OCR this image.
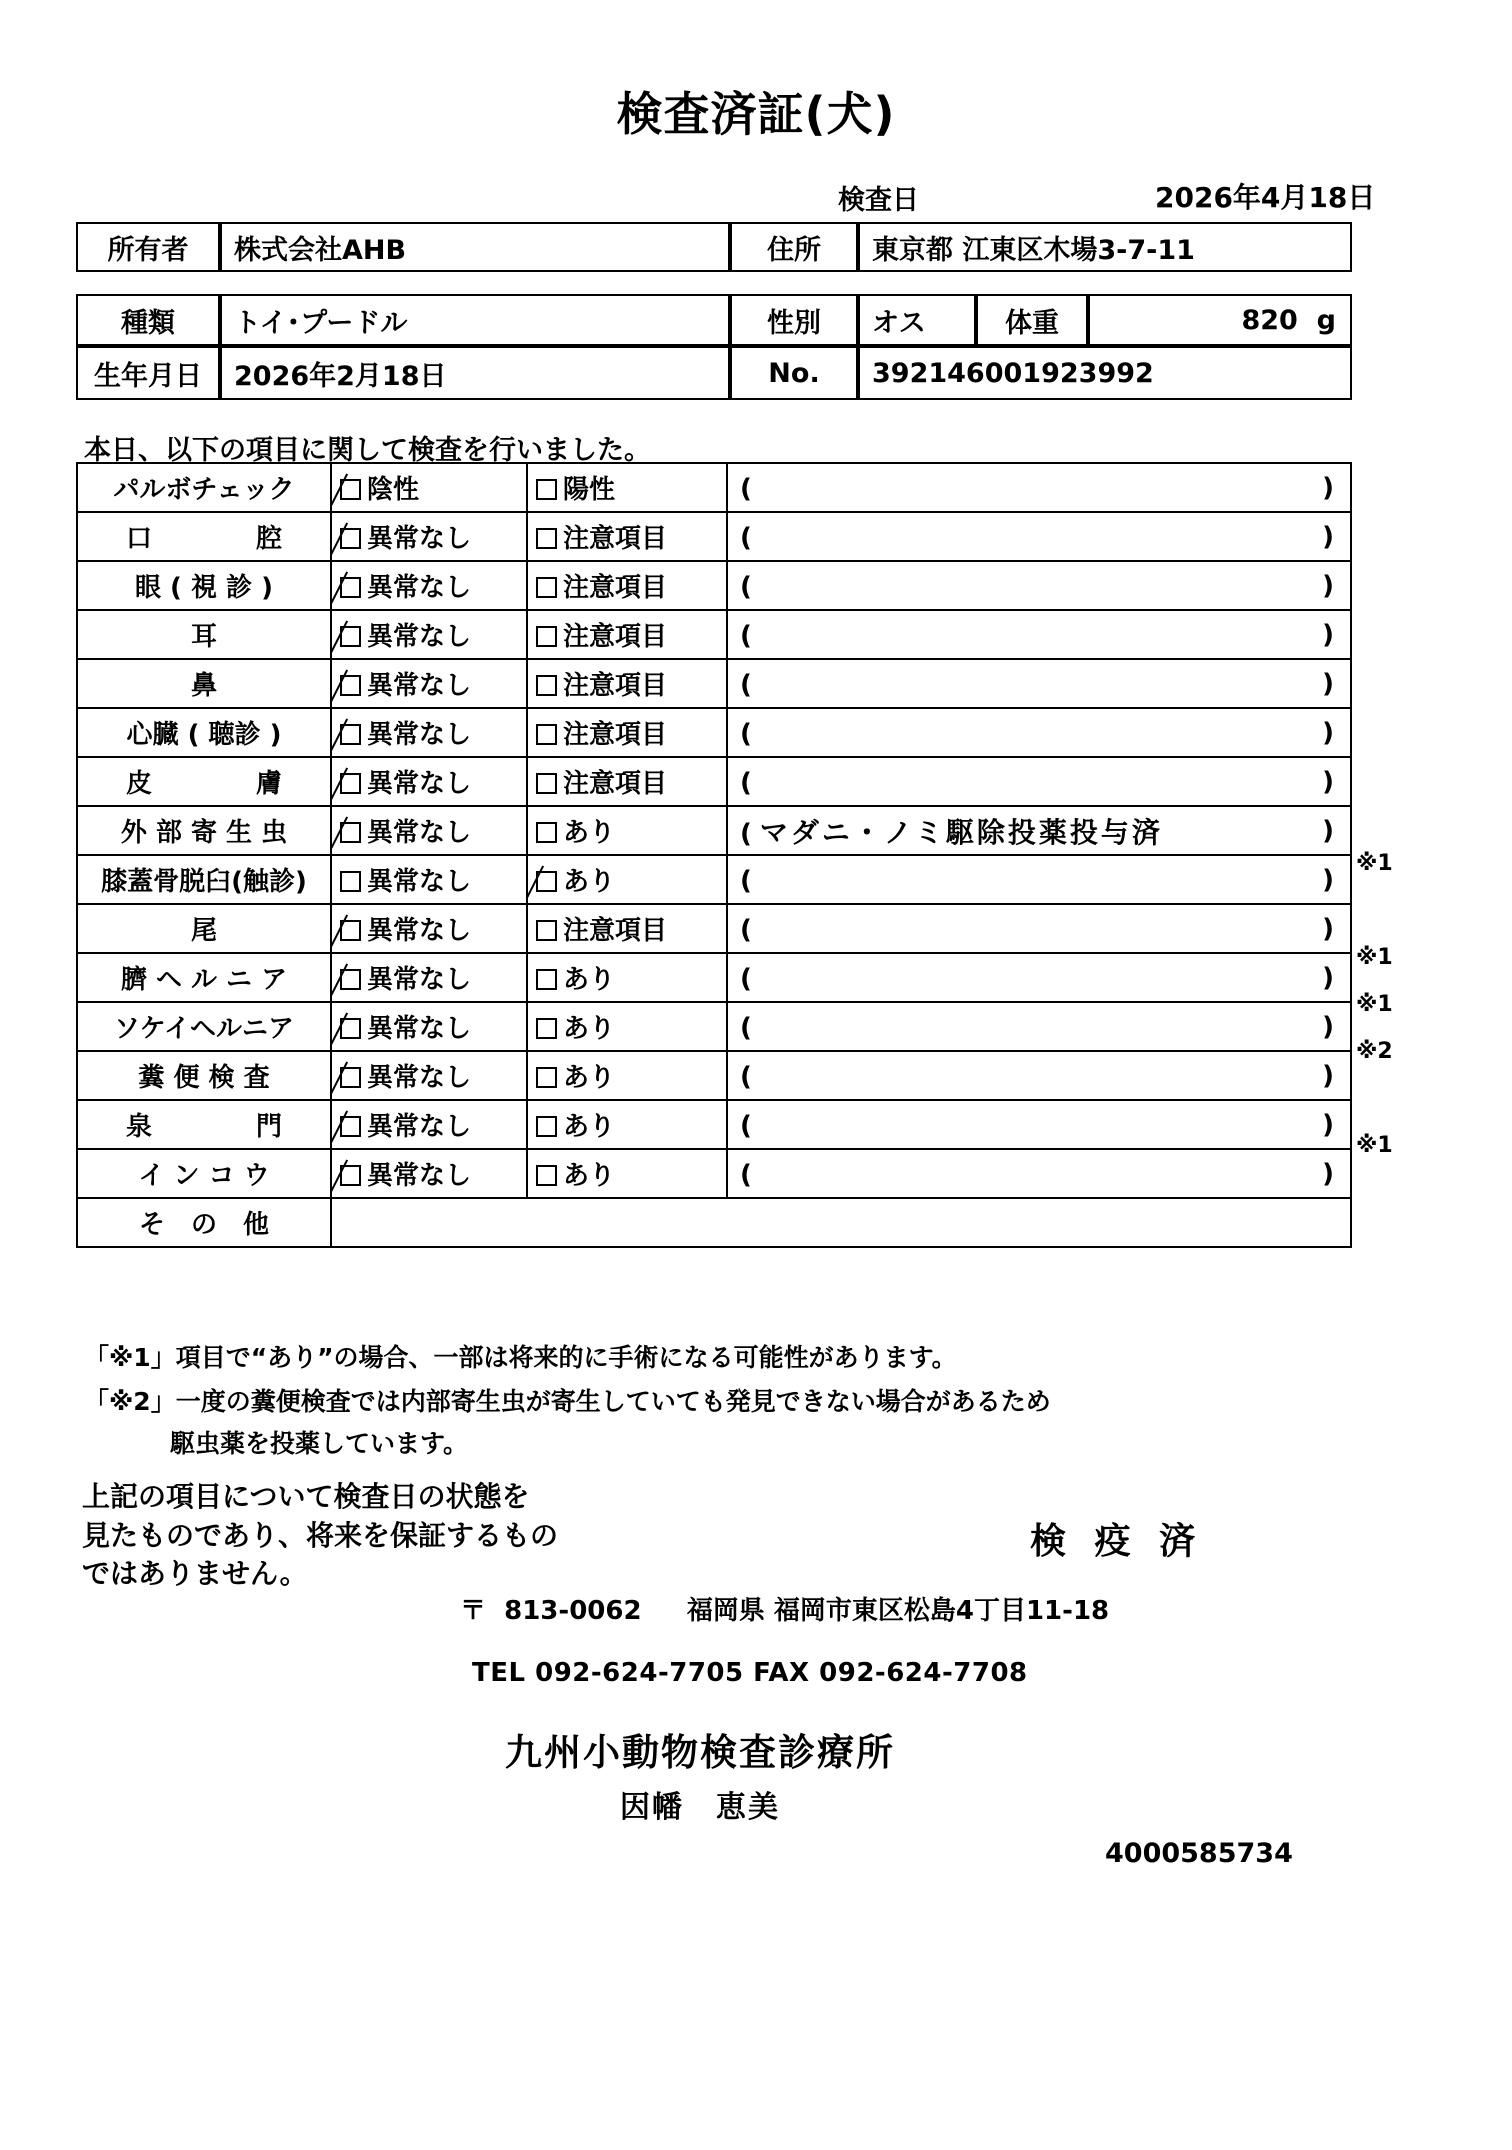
検査済証(犬)
検査日	2026年4月18日
所有者	株式会社AHB	住所	東京都 江東区木場3-7-11
種類	トイ･プードル	性別	オス	体重	820 g
生年月日	2026年2月18日	No.	392146001923992
本日、以下の項目に関して検査を行いました。
パルボチェック	陰性	陽性	( )

口　　　　腔	異常なし	注意項目	( )

眼 ( 視 診 )	異常なし	注意項目	( )

耳	異常なし	注意項目	( )

鼻	異常なし	注意項目	( )

心臓 ( 聴診 )	異常なし	注意項目	( )

皮　　　　膚	異常なし	注意項目	( )

外 部 寄 生 虫	異常なし	あり	( マダニ・ノミ駆除投薬投与済 )

膝蓋骨脱臼(触診)	異常なし	あり	( )

尾	異常なし	注意項目	( )

臍 ヘ ル ニ ア	異常なし	あり	( )

ソケイヘルニア	異常なし	あり	( )

糞 便 検 査	異常なし	あり	( )

泉　　　　門	異常なし	あり	( )

イ ン コ ウ	異常なし	あり	( )

そ　の　他			
※1
※1
※1
※2
※1
「※1」項目で“あり”の場合、一部は将来的に手術になる可能性があります。
「※2」一度の糞便検査では内部寄生虫が寄生していても発見できない場合があるため
駆虫薬を投薬しています。
上記の項目について検査日の状態を
見たものであり、将来を保証するもの
ではありません。
検 疫 済
〒 813-0062 福岡県 福岡市東区松島4丁目11-18
TEL 092-624-7705 FAX 092-624-7708
九州小動物検査診療所
因幡　恵美
4000585734
